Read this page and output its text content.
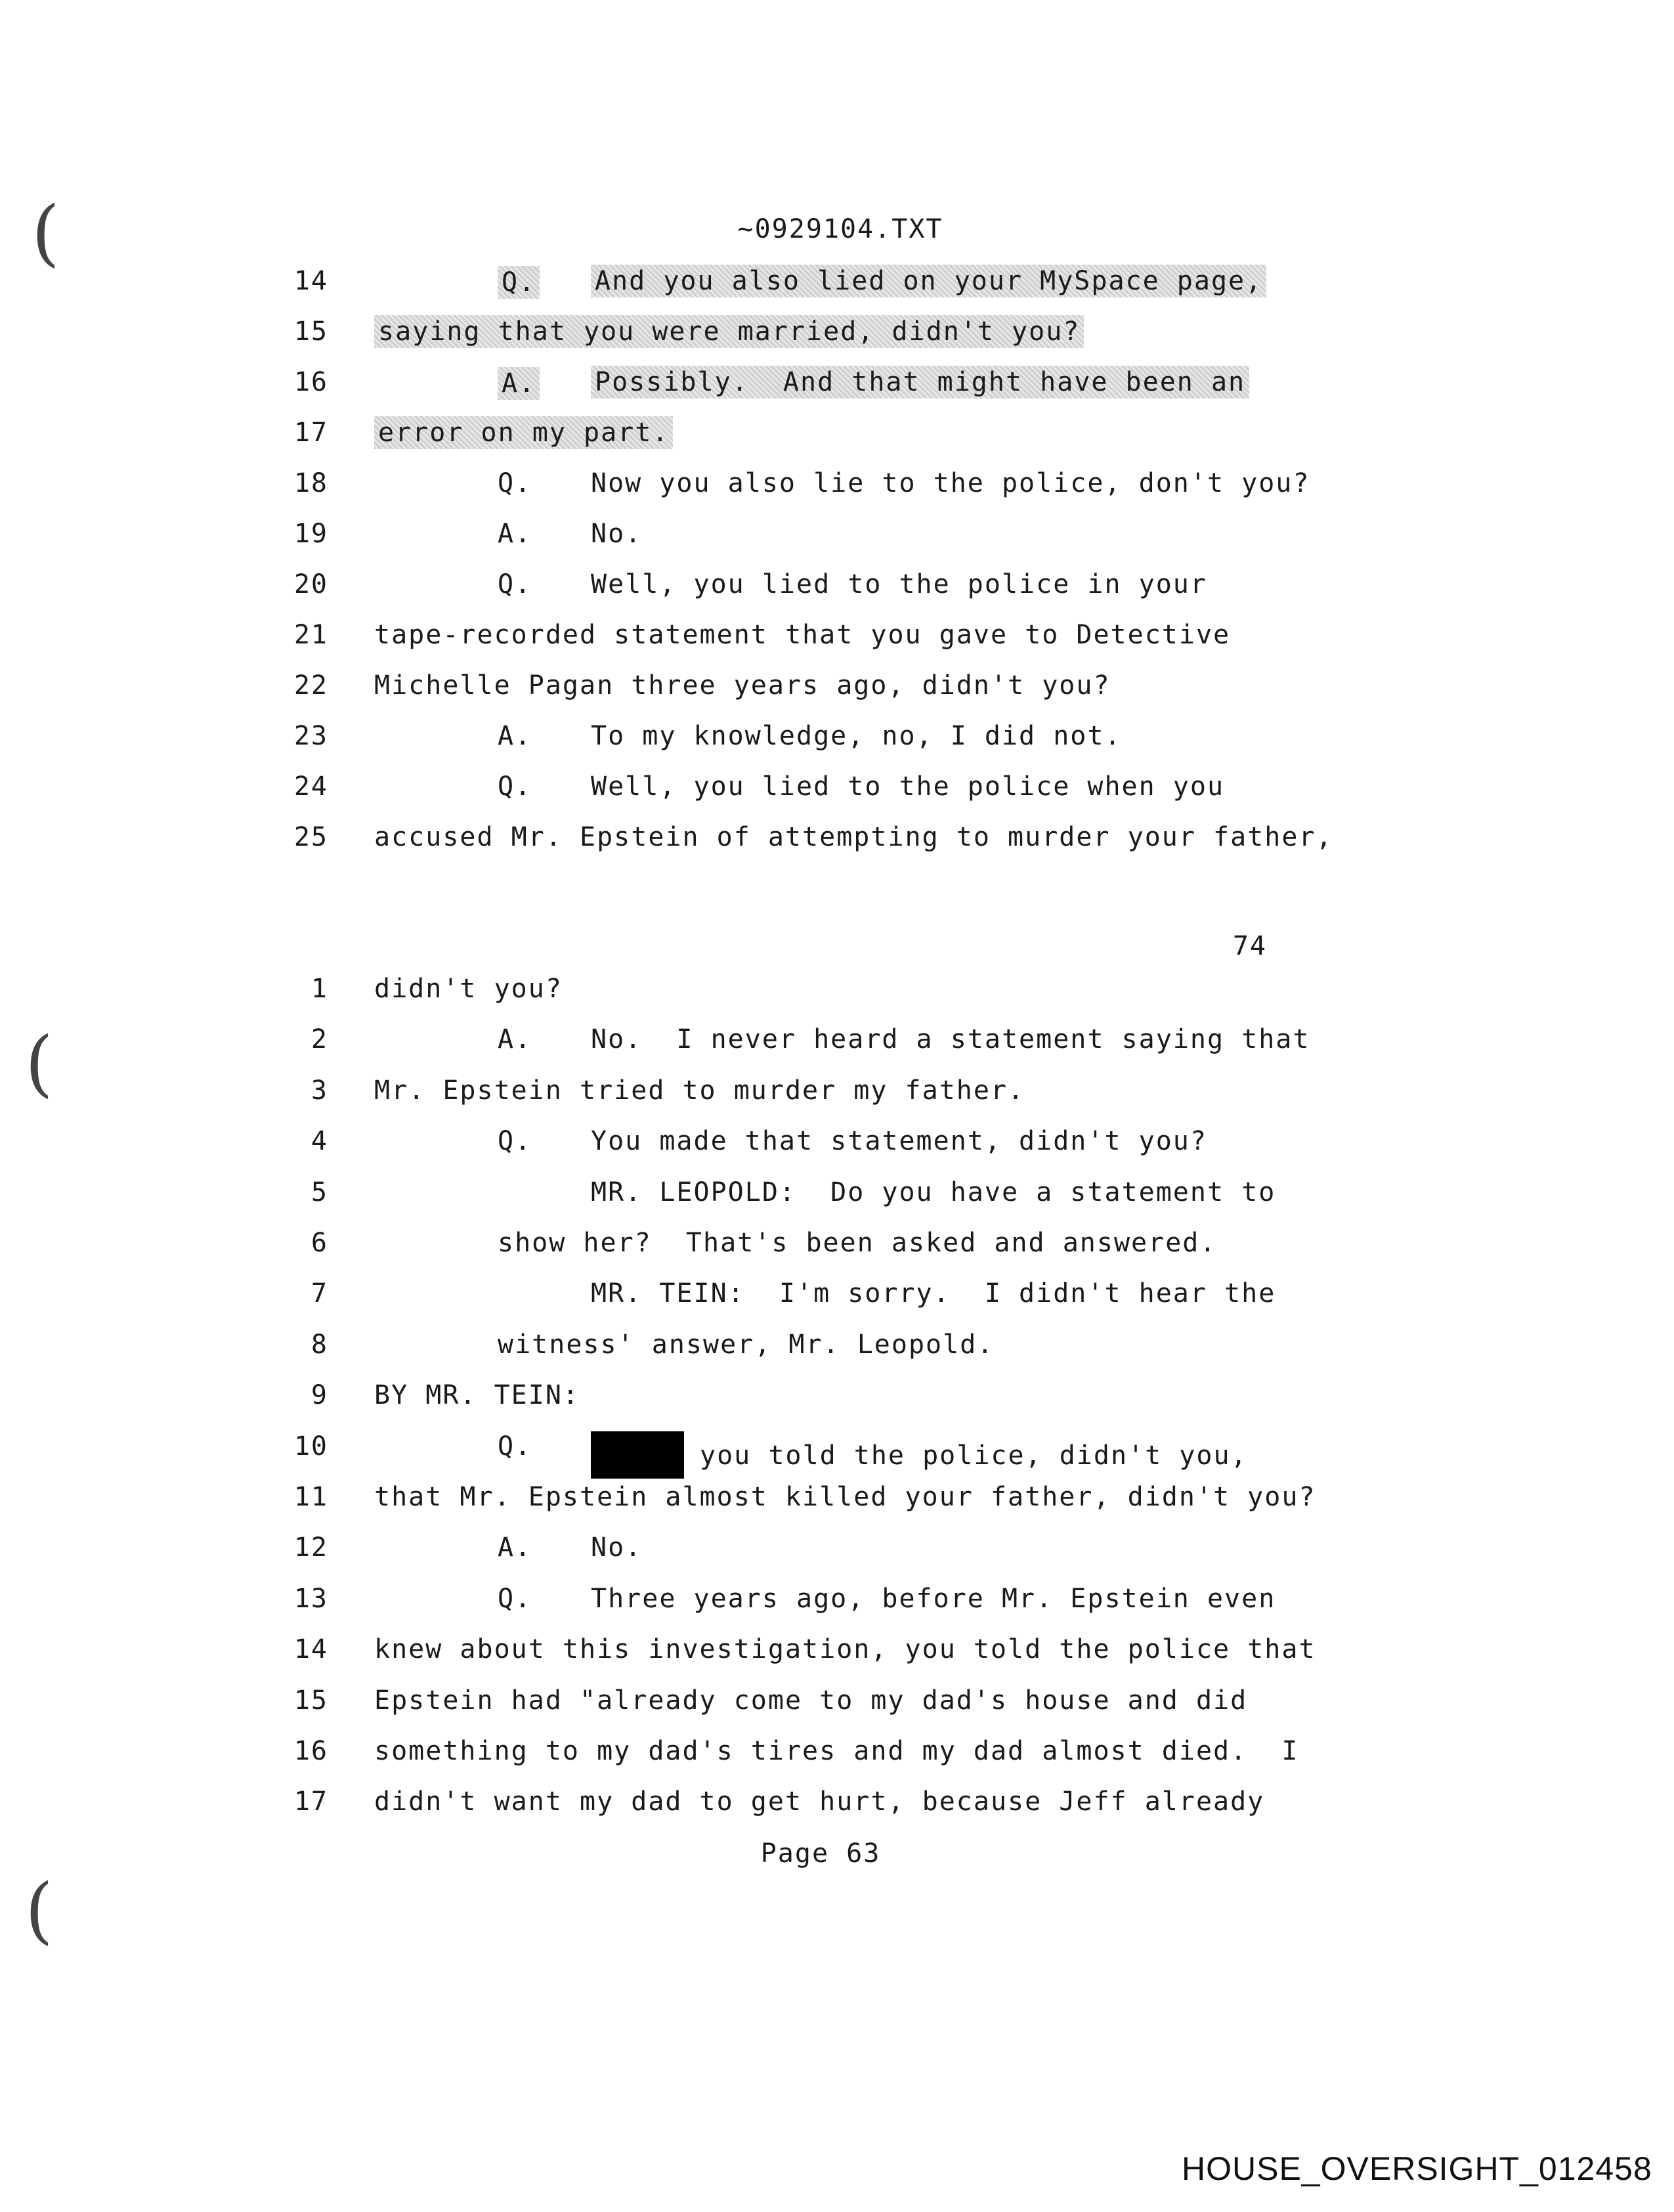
(
(
(
~0929104.TXT
14	Q. And you also lied on your MySpace page,
15 saying that you were married, didn't you?
16	A. Possibly.  And that might have been an
17 error on my part.
18	Q. Now you also lie to the police, don't you?
19	A. No.
20	Q. Well, you lied to the police in your
21 tape-recorded statement that you gave to Detective
22 Michelle Pagan three years ago, didn't you?
23	A. To my knowledge, no, I did not.
24	Q. Well, you lied to the police when you
25 accused Mr. Epstein of attempting to murder your father,
74
1 didn't you?
2	A. No.  I never heard a statement saying that
3 Mr. Epstein tried to murder my father.
4	Q. You made that statement, didn't you?
5	MR. LEOPOLD:  Do you have a statement to
6	show her?  That's been asked and answered.
7	MR. TEIN:  I'm sorry.  I didn't hear the
8	witness' answer, Mr. Leopold.
9 BY MR. TEIN:
10	Q.	you told the police, didn't you,
11 that Mr. Epstein almost killed your father, didn't you?
12	A. No.
13	Q. Three years ago, before Mr. Epstein even
14 knew about this investigation, you told the police that
15 Epstein had "already come to my dad's house and did
16 something to my dad's tires and my dad almost died.  I
17 didn't want my dad to get hurt, because Jeff already
Page 63
HOUSE_OVERSIGHT_012458
